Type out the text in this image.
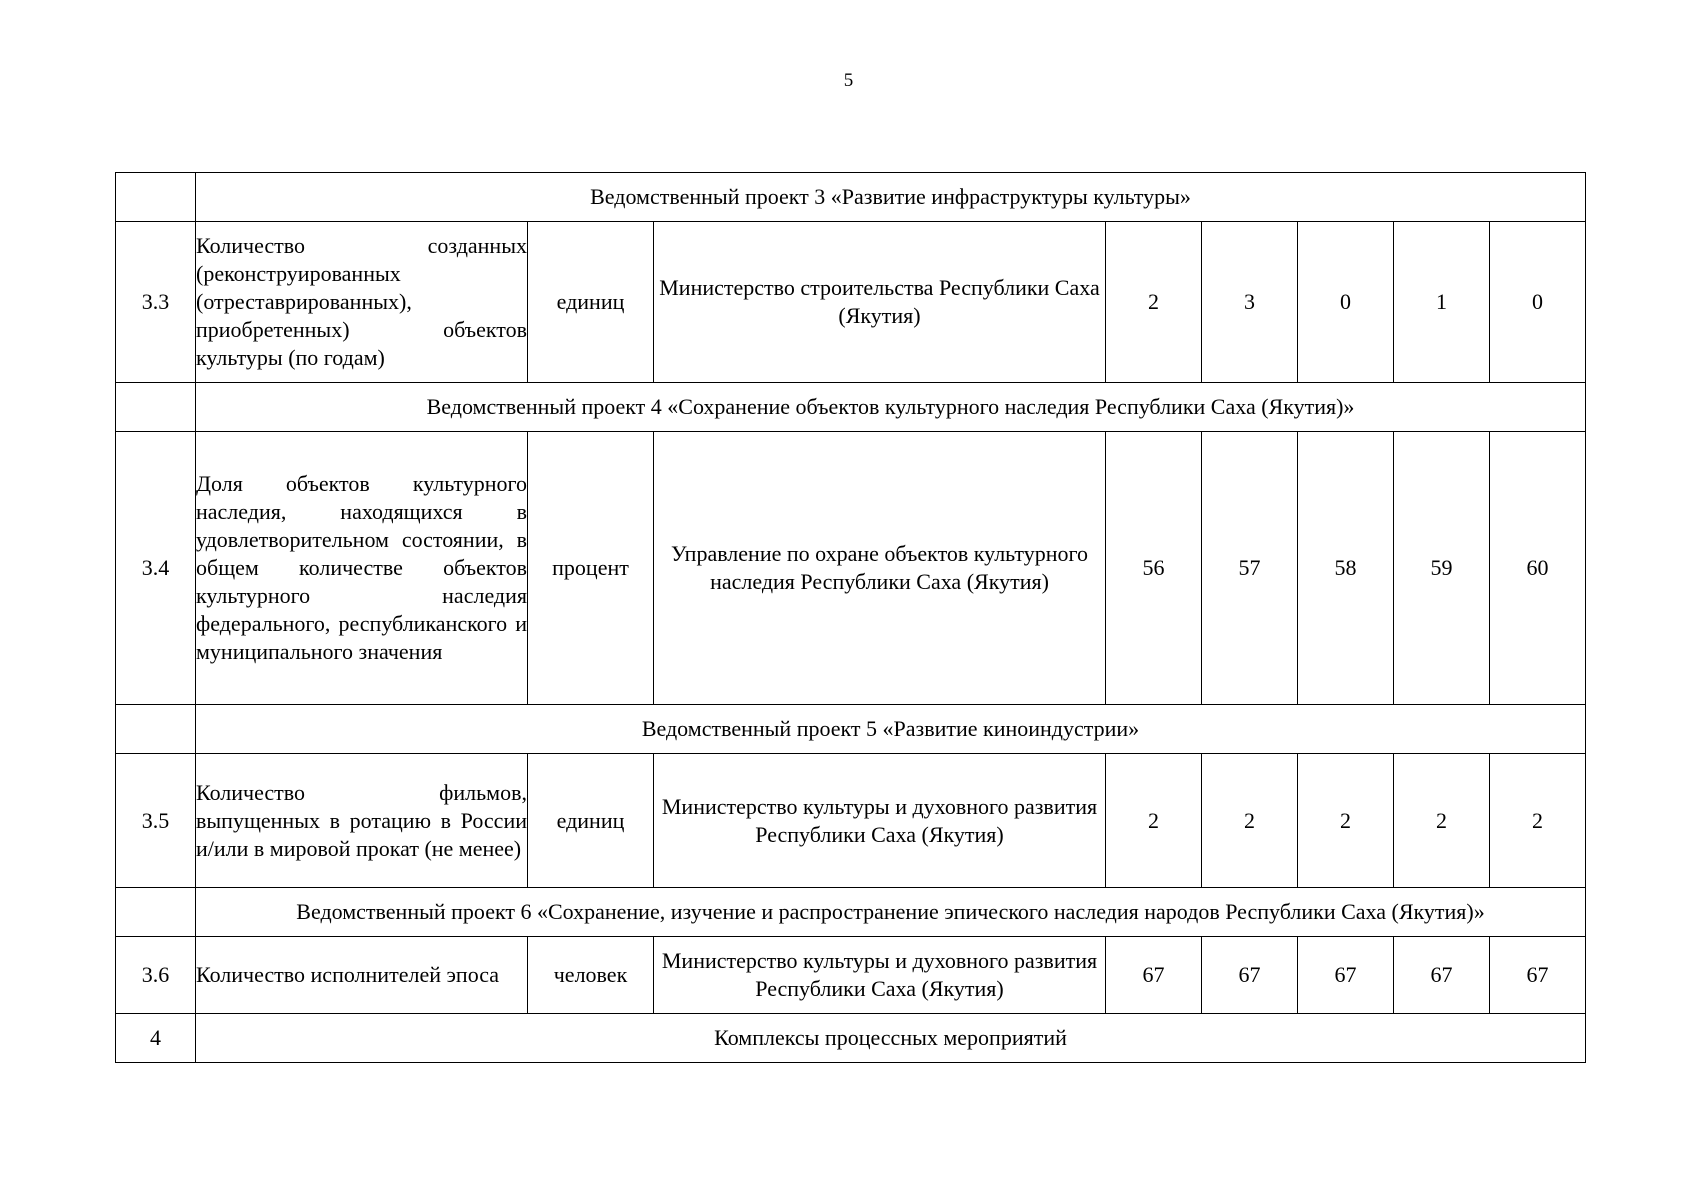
5
	Ведомственный проект 3 «Развитие инфраструктуры культуры»							
3.3	Количество созданных (реконструированных (отреставрированных), приобретенных) объектов культуры (по годам)	единиц	Министерство строительства Республики Саха (Якутия)	2	3	0	1	0
	Ведомственный проект 4 «Сохранение объектов культурного наследия Республики Саха (Якутия)»							
3.4	Доля объектов культурного наследия, находящихся в удовлетворительном состоянии, в общем количестве объектов культурного наследия федерального, республиканского и муниципального значения	процент	Управление по охране объектов культурного наследия Республики Саха (Якутия)	56	57	58	59	60
	Ведомственный проект 5 «Развитие киноиндустрии»							
3.5	Количество фильмов, выпущенных в ротацию в России и/или в мировой прокат (не менее)	единиц	Министерство культуры и духовного развития Республики Саха (Якутия)	2	2	2	2	2
	Ведомственный проект 6 «Сохранение, изучение и распространение эпического наследия народов Республики Саха (Якутия)»							
3.6	Количество исполнителей эпоса	человек	Министерство культуры и духовного развития Республики Саха (Якутия)	67	67	67	67	67
4	Комплексы процессных мероприятий							
